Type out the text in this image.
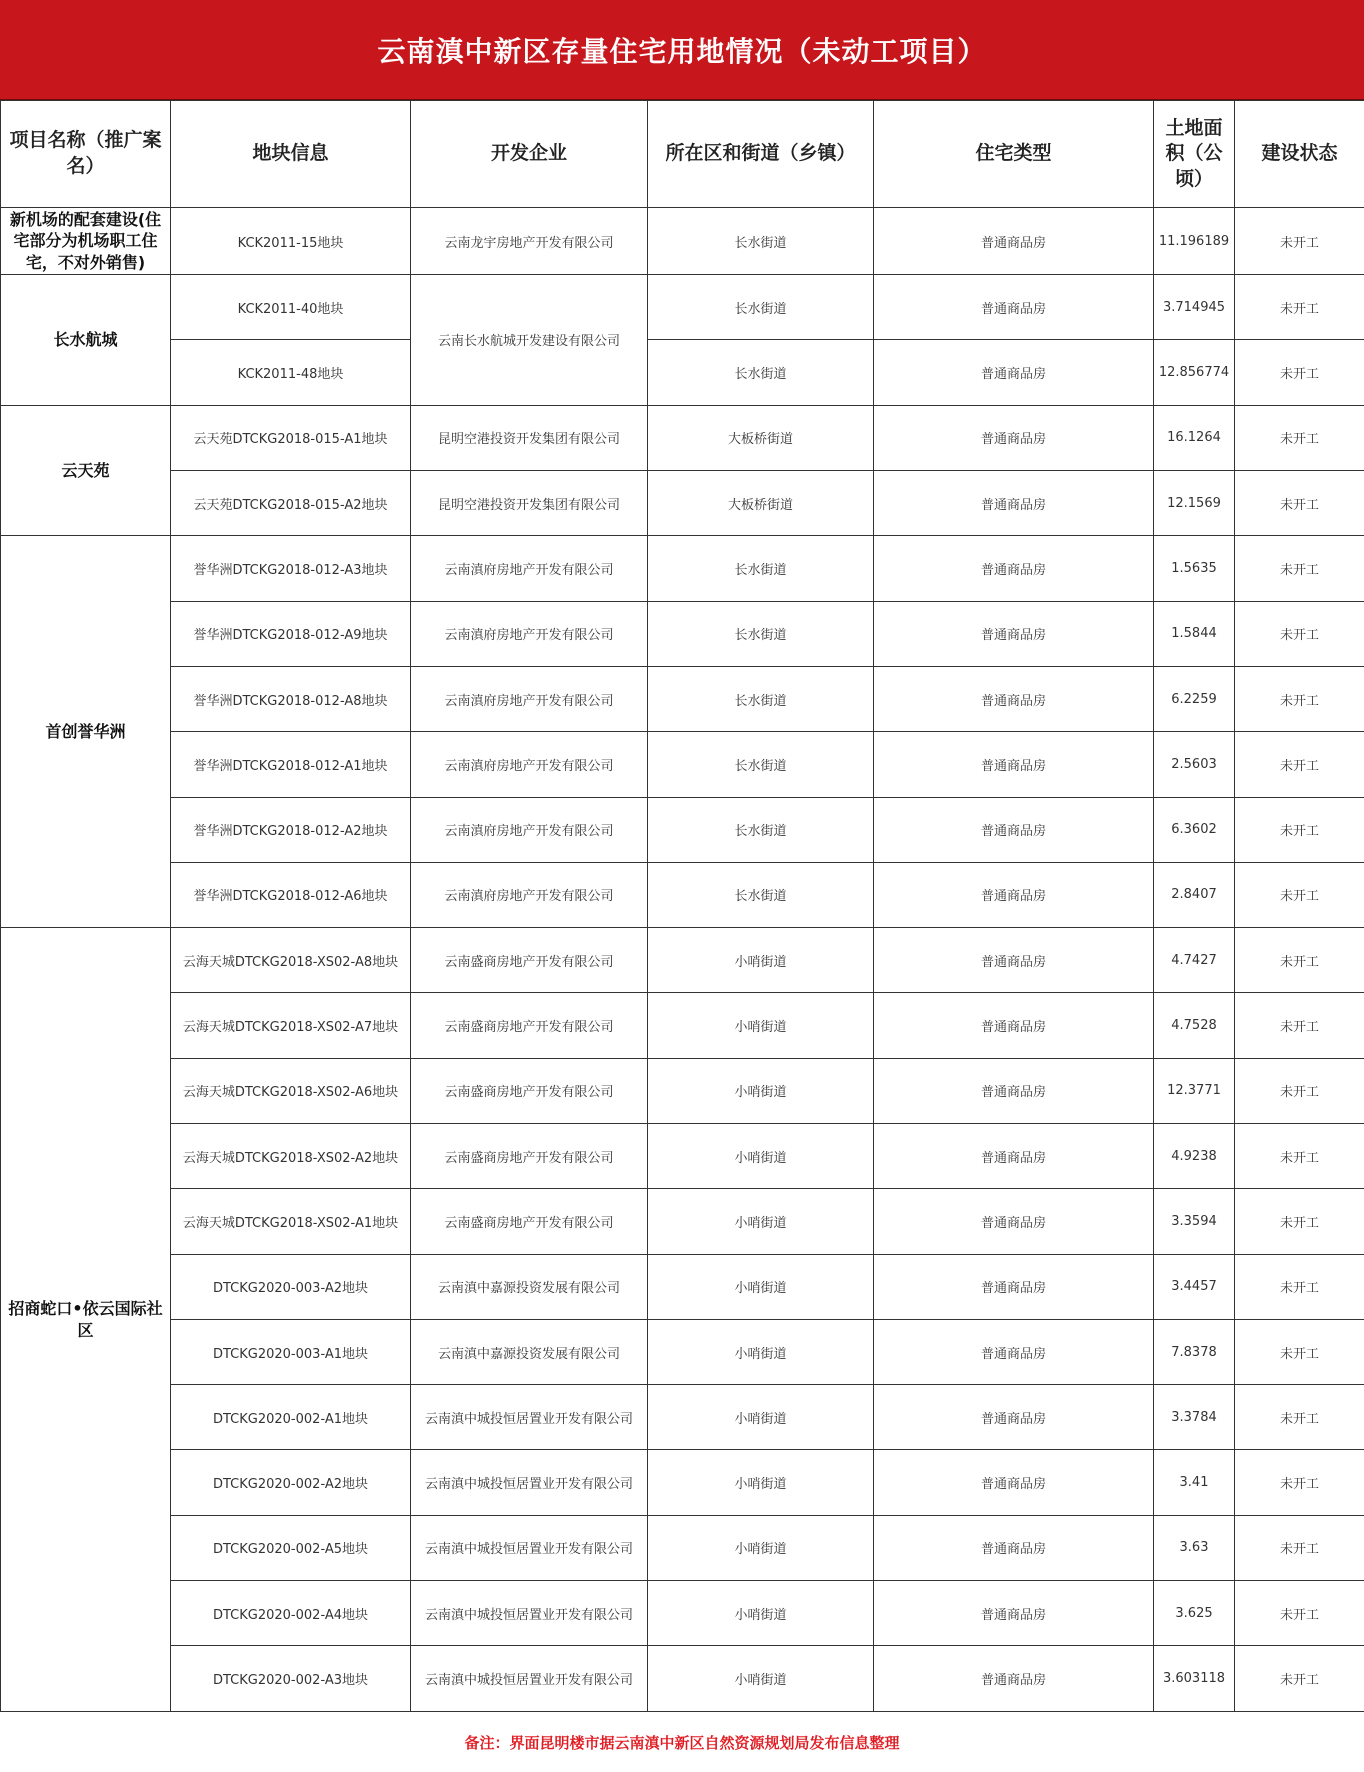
云南滇中新区存量住宅用地情况（未动工项目）
项目名称（推广案名）	地块信息	开发企业	所在区和街道（乡镇）	住宅类型	土地面积（公顷）	建设状态
新机场的配套建设(住宅部分为机场职工住宅，不对外销售)	KCK2011-15地块	云南龙宇房地产开发有限公司	长水街道	普通商品房	11.196189	未开工
长水航城	KCK2011-40地块	云南长水航城开发建设有限公司	长水街道	普通商品房	3.714945	未开工
	KCK2011-48地块		长水街道	普通商品房	12.856774	未开工
云天苑	云天苑DTCKG2018-015-A1地块	昆明空港投资开发集团有限公司	大板桥街道	普通商品房	16.1264	未开工
	云天苑DTCKG2018-015-A2地块	昆明空港投资开发集团有限公司	大板桥街道	普通商品房	12.1569	未开工
首创誉华洲	誉华洲DTCKG2018-012-A3地块	云南滇府房地产开发有限公司	长水街道	普通商品房	1.5635	未开工
	誉华洲DTCKG2018-012-A9地块	云南滇府房地产开发有限公司	长水街道	普通商品房	1.5844	未开工
	誉华洲DTCKG2018-012-A8地块	云南滇府房地产开发有限公司	长水街道	普通商品房	6.2259	未开工
	誉华洲DTCKG2018-012-A1地块	云南滇府房地产开发有限公司	长水街道	普通商品房	2.5603	未开工
	誉华洲DTCKG2018-012-A2地块	云南滇府房地产开发有限公司	长水街道	普通商品房	6.3602	未开工
	誉华洲DTCKG2018-012-A6地块	云南滇府房地产开发有限公司	长水街道	普通商品房	2.8407	未开工
招商蛇口•依云国际社区	云海天城DTCKG2018-XS02-A8地块	云南盛商房地产开发有限公司	小哨街道	普通商品房	4.7427	未开工
	云海天城DTCKG2018-XS02-A7地块	云南盛商房地产开发有限公司	小哨街道	普通商品房	4.7528	未开工
	云海天城DTCKG2018-XS02-A6地块	云南盛商房地产开发有限公司	小哨街道	普通商品房	12.3771	未开工
	云海天城DTCKG2018-XS02-A2地块	云南盛商房地产开发有限公司	小哨街道	普通商品房	4.9238	未开工
	云海天城DTCKG2018-XS02-A1地块	云南盛商房地产开发有限公司	小哨街道	普通商品房	3.3594	未开工
	DTCKG2020-003-A2地块	云南滇中嘉源投资发展有限公司	小哨街道	普通商品房	3.4457	未开工
	DTCKG2020-003-A1地块	云南滇中嘉源投资发展有限公司	小哨街道	普通商品房	7.8378	未开工
	DTCKG2020-002-A1地块	云南滇中城投恒居置业开发有限公司	小哨街道	普通商品房	3.3784	未开工
	DTCKG2020-002-A2地块	云南滇中城投恒居置业开发有限公司	小哨街道	普通商品房	3.41	未开工
	DTCKG2020-002-A5地块	云南滇中城投恒居置业开发有限公司	小哨街道	普通商品房	3.63	未开工
	DTCKG2020-002-A4地块	云南滇中城投恒居置业开发有限公司	小哨街道	普通商品房	3.625	未开工
	DTCKG2020-002-A3地块	云南滇中城投恒居置业开发有限公司	小哨街道	普通商品房	3.603118	未开工
备注：界面昆明楼市据云南滇中新区自然资源规划局发布信息整理
